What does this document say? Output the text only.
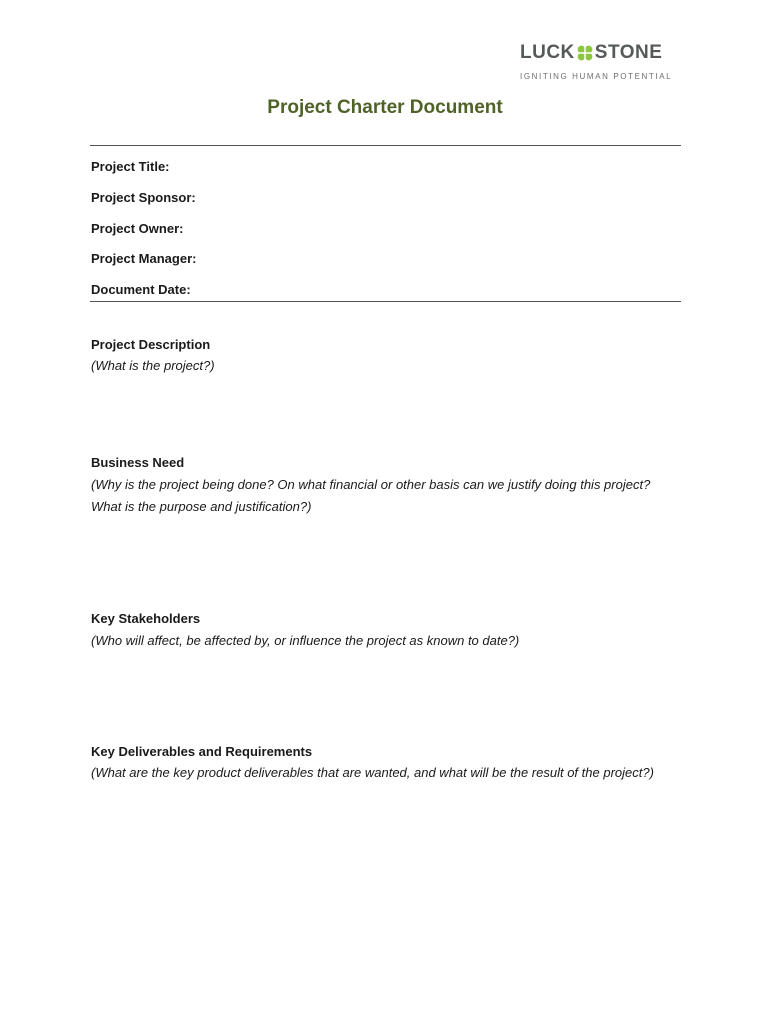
LUCK STONE
IGNITING HUMAN POTENTIAL
Project Charter Document
Project Title:
Project Sponsor:
Project Owner:
Project Manager:
Document Date:
Project Description
(What is the project?)
Business Need
(Why is the project being done? On what financial or other basis can we justify doing this project? What is the purpose and justification?)
Key Stakeholders
(Who will affect, be affected by, or influence the project as known to date?)
Key Deliverables and Requirements
(What are the key product deliverables that are wanted, and what will be the result of the project?)
